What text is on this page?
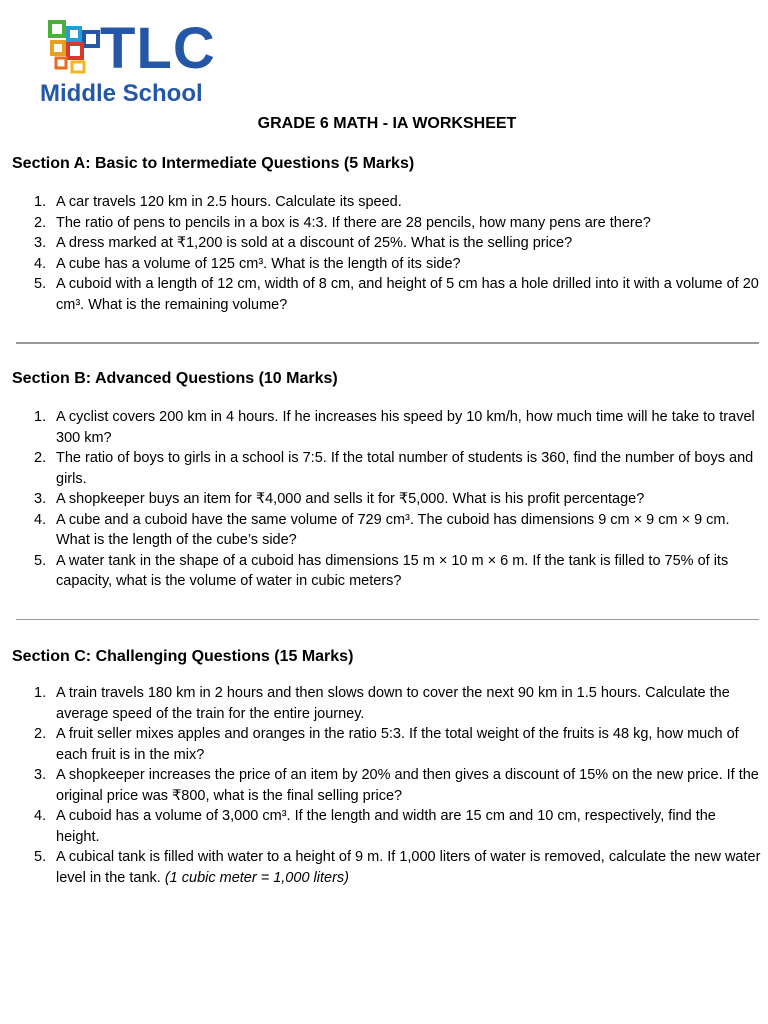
TLC
Middle School
GRADE 6 MATH - IA WORKSHEET
Section A: Basic to Intermediate Questions (5 Marks)
1. A car travels 120 km in 2.5 hours. Calculate its speed.
2. The ratio of pens to pencils in a box is 4:3. If there are 28 pencils, how many pens are there?
3. A dress marked at ₹1,200 is sold at a discount of 25%. What is the selling price?
4. A cube has a volume of 125 cm³. What is the length of its side?
5. A cuboid with a length of 12 cm, width of 8 cm, and height of 5 cm has a hole drilled into it with a volume of 20 cm³. What is the remaining volume?
Section B: Advanced Questions (10 Marks)
1. A cyclist covers 200 km in 4 hours. If he increases his speed by 10 km/h, how much time will he take to travel 300 km?
2. The ratio of boys to girls in a school is 7:5. If the total number of students is 360, find the number of boys and girls.
3. A shopkeeper buys an item for ₹4,000 and sells it for ₹5,000. What is his profit percentage?
4. A cube and a cuboid have the same volume of 729 cm³. The cuboid has dimensions 9 cm × 9 cm × 9 cm. What is the length of the cube’s side?
5. A water tank in the shape of a cuboid has dimensions 15 m × 10 m × 6 m. If the tank is filled to 75% of its capacity, what is the volume of water in cubic meters?
Section C: Challenging Questions (15 Marks)
1. A train travels 180 km in 2 hours and then slows down to cover the next 90 km in 1.5 hours. Calculate the average speed of the train for the entire journey.
2. A fruit seller mixes apples and oranges in the ratio 5:3. If the total weight of the fruits is 48 kg, how much of each fruit is in the mix?
3. A shopkeeper increases the price of an item by 20% and then gives a discount of 15% on the new price. If the original price was ₹800, what is the final selling price?
4. A cuboid has a volume of 3,000 cm³. If the length and width are 15 cm and 10 cm, respectively, find the height.
5. A cubical tank is filled with water to a height of 9 m. If 1,000 liters of water is removed, calculate the new water level in the tank. (1 cubic meter = 1,000 liters)
